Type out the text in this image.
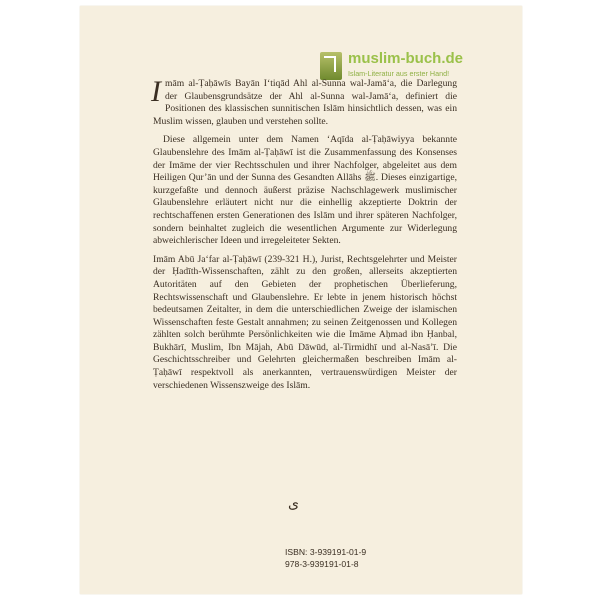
muslim-buch.de
Islam-Literatur aus erster Hand!

Imām al-Ṭaḥāwīs Bayān I‘tiqād Ahl al-Sunna wal-Jamā‘a, die Darlegung der Glaubensgrundsätze der Ahl al-Sunna wal-Jamā‘a, definiert die Positionen des klassischen sunnitischen Islām hinsichtlich dessen, was ein Muslim wissen, glauben und verstehen sollte.

Diese allgemein unter dem Namen ‘Aqīda al-Ṭaḥāwiyya bekannte Glaubenslehre des Imām al-Ṭaḥāwī ist die Zusammenfassung des Konsenses der Imāme der vier Rechtsschulen und ihrer Nachfolger, abgeleitet aus dem Heiligen Qur’ān und der Sunna des Gesandten Allāhs ﷺ. Dieses einzigartige, kurzgefaßte und dennoch äußerst präzise Nachschlagewerk muslimischer Glaubenslehre erläutert nicht nur die einhellig akzeptierte Doktrin der rechtschaffenen ersten Generationen des Islām und ihrer späteren Nachfolger, sondern beinhaltet zugleich die wesentlichen Argumente zur Widerlegung abweichlerischer Ideen und irregeleiteter Sekten.

Imām Abū Ja‘far al-Ṭaḥāwī (239-321 H.), Jurist, Rechtsgelehrter und Meister der Ḥadīth-Wissenschaften, zählt zu den großen, allerseits akzeptierten Autoritäten auf den Gebieten der prophetischen Überlieferung, Rechtswissenschaft und Glaubenslehre. Er lebte in jenem historisch höchst bedeutsamen Zeitalter, in dem die unterschiedlichen Zweige der islamischen Wissenschaften feste Gestalt annahmen; zu seinen Zeitgenossen und Kollegen zählten solch berühmte Persönlichkeiten wie die Imāme Aḥmad ibn Ḥanbal, Bukhārī, Muslim, Ibn Mājah, Abū Dāwūd, al-Tirmidhī und al-Nasā’ī. Die Geschichtsschreiber und Gelehrten gleichermaßen beschreiben Imām al-Ṭaḥāwī respektvoll als anerkannten, vertrauenswürdigen Meister der verschiedenen Wissenszweige des Islām.

ﻯ
ISBN: 3-939191-01-9
978-3-939191-01-8
